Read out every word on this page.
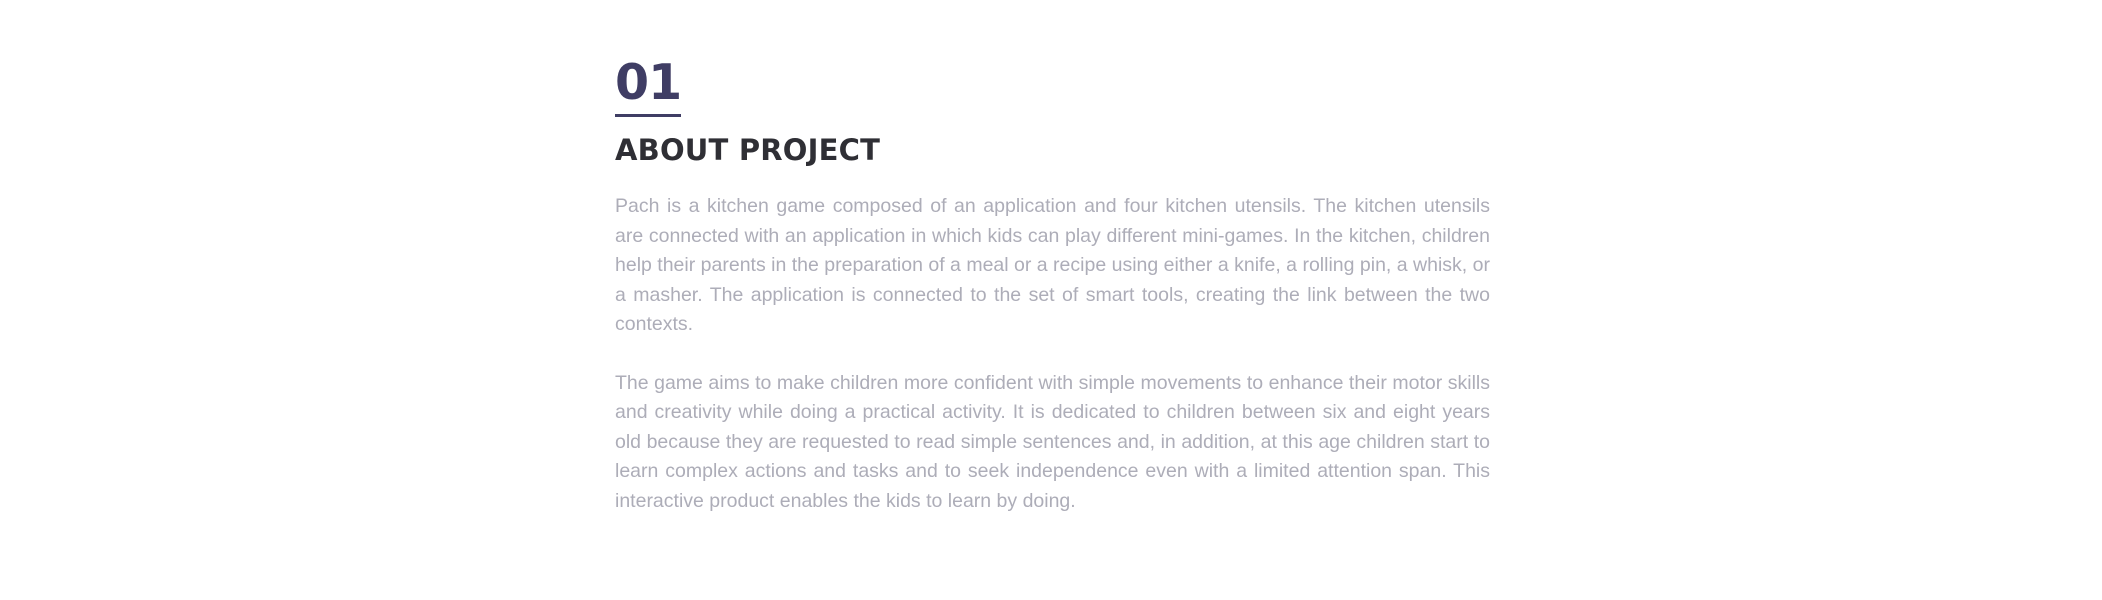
01
ABOUT PROJECT

Pach is a kitchen game composed of an application and four kitchen utensils. The kitchen utensils are connected with an application in which kids can play different mini-games. In the kitchen, children help their parents in the preparation of a meal or a recipe using either a knife, a rolling pin, a whisk, or a masher. The application is connected to the set of smart tools, creating the link between the two contexts.

The game aims to make children more confident with simple movements to enhance their motor skills and creativity while doing a practical activity. It is dedicated to children between six and eight years old because they are requested to read simple sentences and, in addition, at this age children start to learn complex actions and tasks and to seek independence even with a limited attention span. This interactive product enables the kids to learn by doing.
